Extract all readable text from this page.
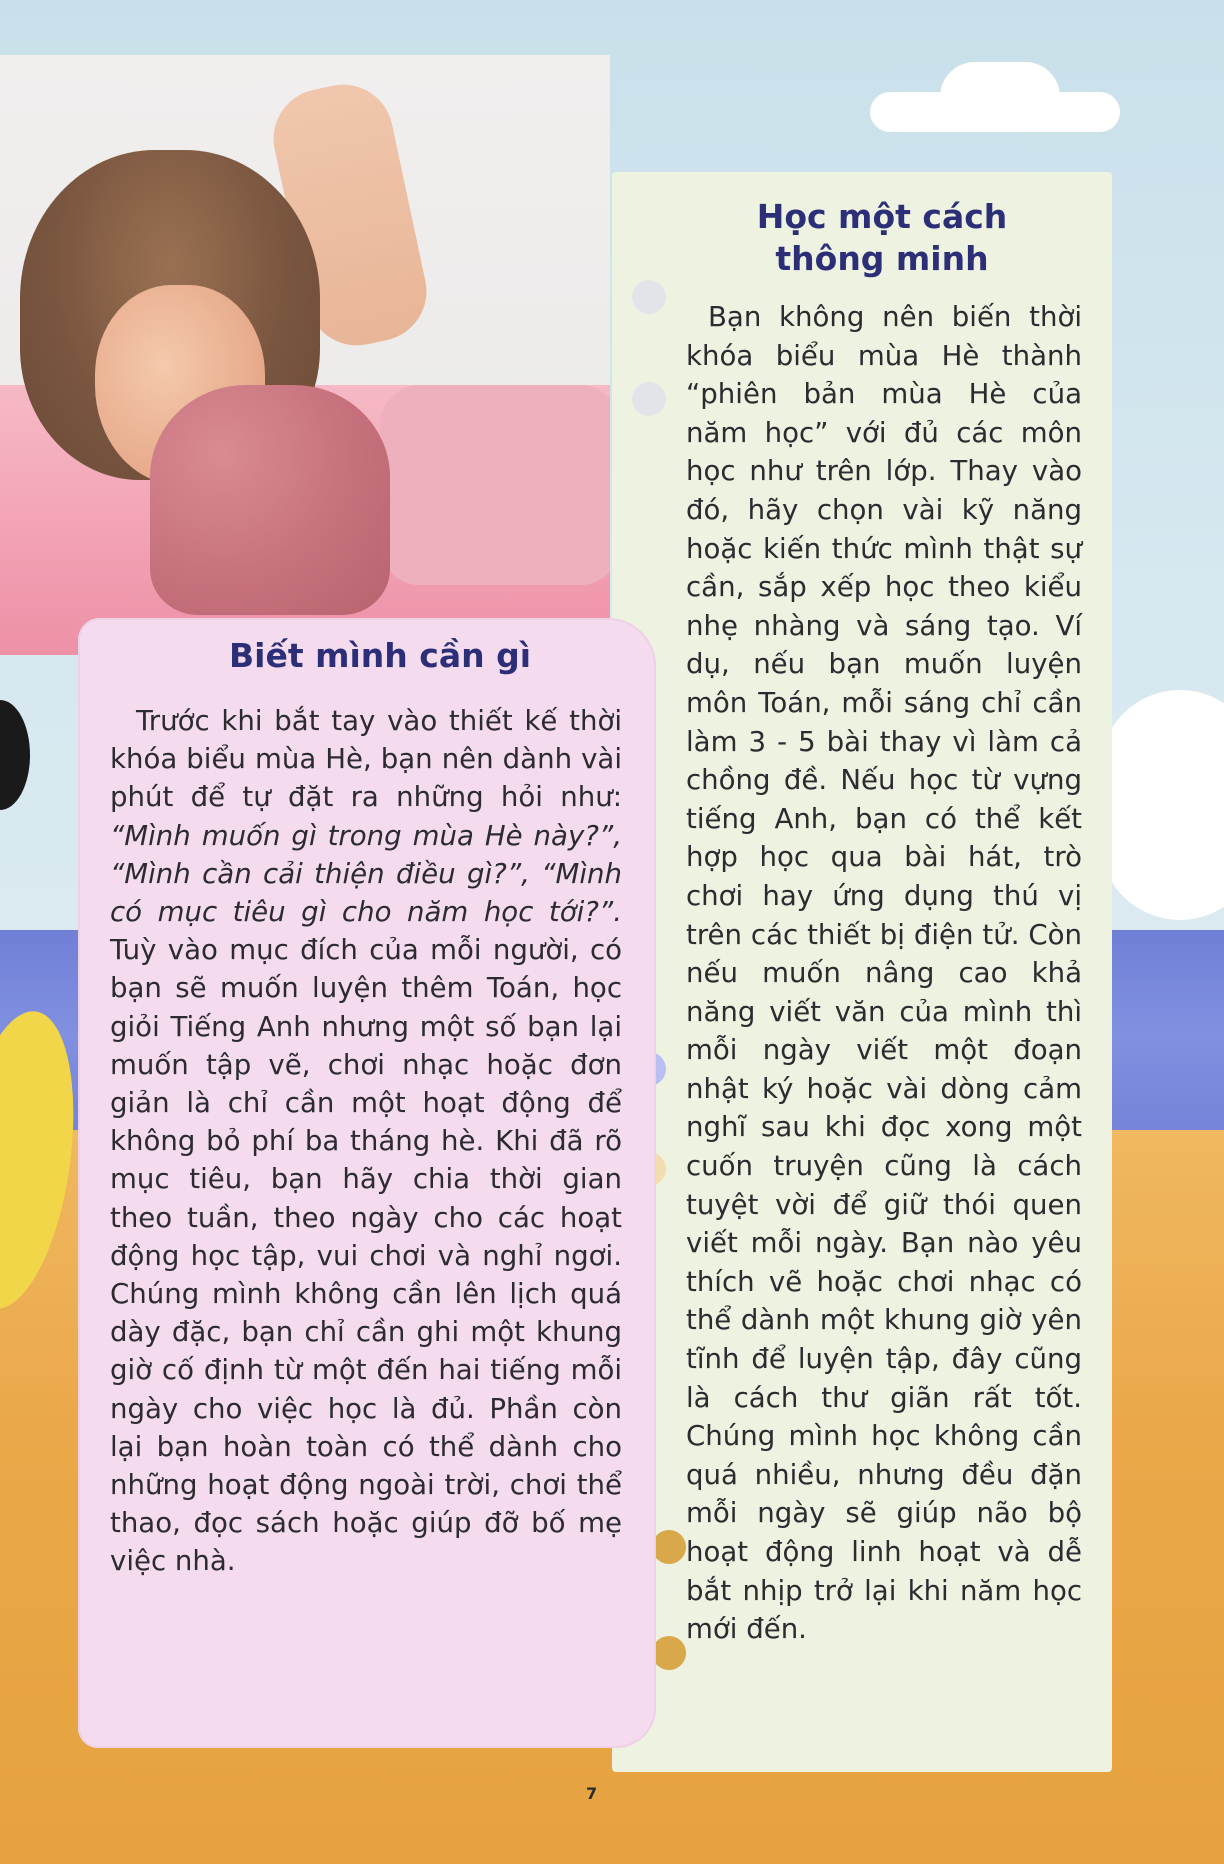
Học một cách
thông minh
Bạn không nên biến thời khóa biểu mùa Hè thành “phiên bản mùa Hè của năm học” với đủ các môn học như trên lớp. Thay vào đó, hãy chọn vài kỹ năng hoặc kiến thức mình thật sự cần, sắp xếp học theo kiểu nhẹ nhàng và sáng tạo. Ví dụ, nếu bạn muốn luyện môn Toán, mỗi sáng chỉ cần làm 3 - 5 bài thay vì làm cả chồng đề. Nếu học từ vựng tiếng Anh, bạn có thể kết hợp học qua bài hát, trò chơi hay ứng dụng thú vị trên các thiết bị điện tử. Còn nếu muốn nâng cao khả năng viết văn của mình thì mỗi ngày viết một đoạn nhật ký hoặc vài dòng cảm nghĩ sau khi đọc xong một cuốn truyện cũng là cách tuyệt vời để giữ thói quen viết mỗi ngày. Bạn nào yêu thích vẽ hoặc chơi nhạc có thể dành một khung giờ yên tĩnh để luyện tập, đây cũng là cách thư giãn rất tốt. Chúng mình học không cần quá nhiều, nhưng đều đặn mỗi ngày sẽ giúp não bộ hoạt động linh hoạt và dễ bắt nhịp trở lại khi năm học mới đến.
Biết mình cần gì
Trước khi bắt tay vào thiết kế thời khóa biểu mùa Hè, bạn nên dành vài phút để tự đặt ra những hỏi như: “Mình muốn gì trong mùa Hè này?”, “Mình cần cải thiện điều gì?”, “Mình có mục tiêu gì cho năm học tới?”. Tuỳ vào mục đích của mỗi người, có bạn sẽ muốn luyện thêm Toán, học giỏi Tiếng Anh nhưng một số bạn lại muốn tập vẽ, chơi nhạc hoặc đơn giản là chỉ cần một hoạt động để không bỏ phí ba tháng hè. Khi đã rõ mục tiêu, bạn hãy chia thời gian theo tuần, theo ngày cho các hoạt động học tập, vui chơi và nghỉ ngơi. Chúng mình không cần lên lịch quá dày đặc, bạn chỉ cần ghi một khung giờ cố định từ một đến hai tiếng mỗi ngày cho việc học là đủ. Phần còn lại bạn hoàn toàn có thể dành cho những hoạt động ngoài trời, chơi thể thao, đọc sách hoặc giúp đỡ bố mẹ việc nhà.
7
